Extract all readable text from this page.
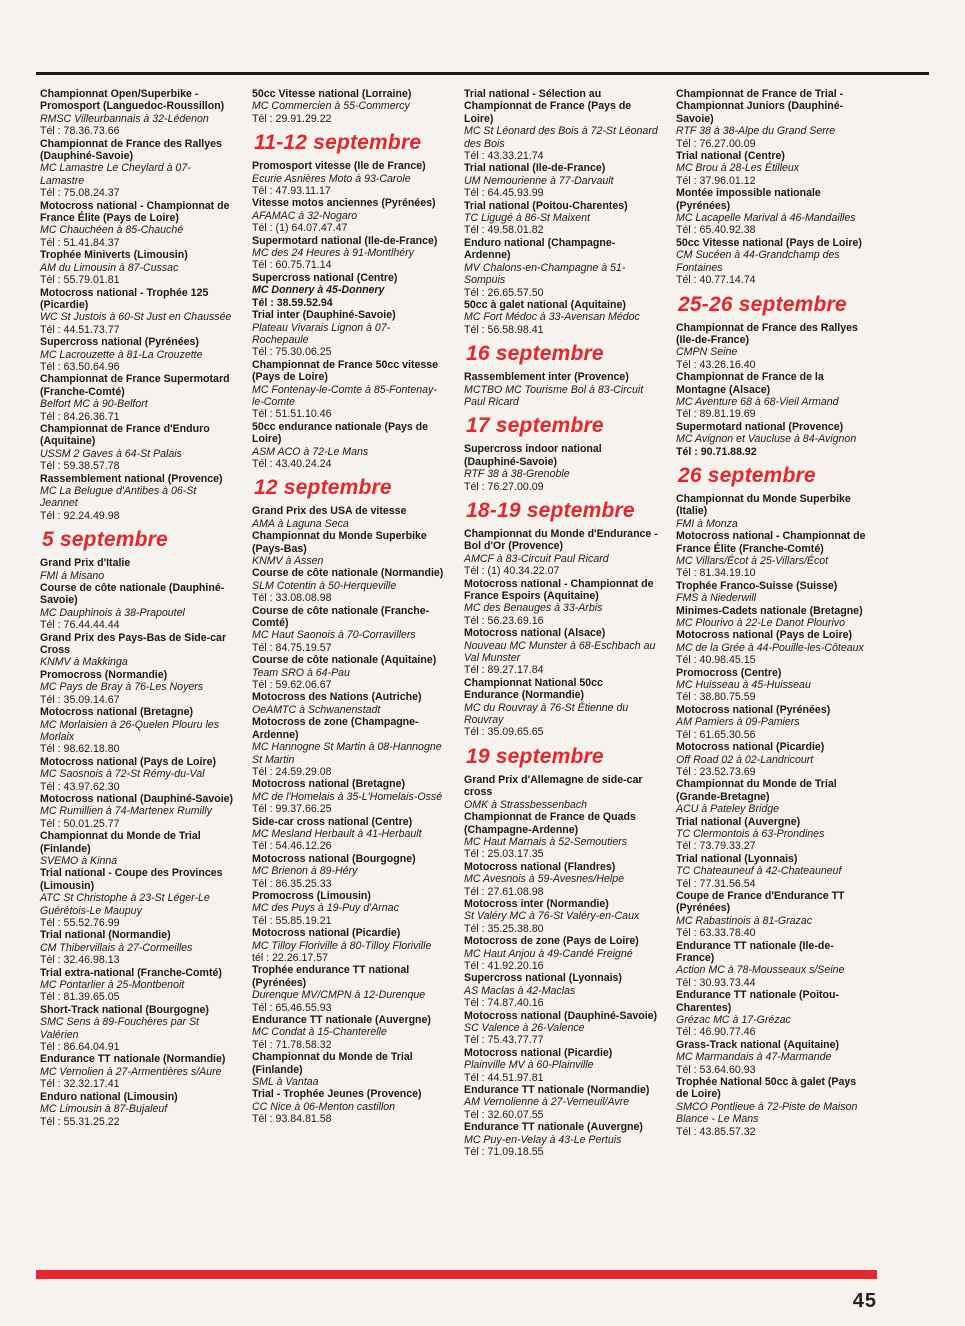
Championnat Open/Superbike - Promosport (Languedoc-Roussillon)
RMSC Villeurbannais à 32-Lédenon
Tél : 78.36.73.66
Championnat de France des Rallyes (Dauphiné-Savoie)
MC Lamastre Le Cheylard à 07-Lamastre
Tél : 75.08.24.37
Motocross national - Championnat de France Élite (Pays de Loire)
MC Chauchéen à 85-Chauché
Tél : 51.41.84.37
Trophée Miniverts (Limousin)
AM du Limousin à 87-Cussac
Tél : 55.79.01.81
Motocross national - Trophée 125 (Picardie)
WC St Justois à 60-St Just en Chaussée
Tél : 44.51.73.77
Supercross national (Pyrénées)
MC Lacrouzette à 81-La Crouzette
Tél : 63.50.64.96
Championnat de France Supermotard (Franche-Comté)
Belfort MC à 90-Belfort
Tél : 84.26.36.71
Championnat de France d'Enduro (Aquitaine)
USSM 2 Gaves à 64-St Palais
Tél : 59.38.57.78
Rassemblement national (Provence)
MC La Belugue d'Antibes à 06-St Jeannet
Tél : 92.24.49.98
5 septembre
Grand Prix d'Italie
FMI à Misano
Course de côte nationale (Dauphiné-Savoie)
MC Dauphinois à 38-Prapoutel
Tél : 76.44.44.44
Grand Prix des Pays-Bas de Side-car Cross
KNMV à Makkinga
Promocross (Normandie)
MC Pays de Bray à 76-Les Noyers
Tél : 35.09.14.67
Motocross national (Bretagne)
MC Morlaisien à 26-Quelen Plouru les Morlaix
Tél : 98.62.18.80
Motocross national (Pays de Loire)
MC Saosnois à 72-St Rémy-du-Val
Tél : 43.97.62.30
Motocross national (Dauphiné-Savoie)
MC Rumillien à 74-Martenex Rumilly
Tél : 50.01.25.77
Championnat du Monde de Trial (Finlande)
SVEMO à Kinna
Trial national - Coupe des Provinces (Limousin)
ATC St Christophe à 23-St Léger-Le Guérétois-Le Maupuy
Tél : 55.52.76.99
Trial national (Normandie)
CM Thibervillais à 27-Cormeilles
Tél : 32.46.98.13
Trial extra-national (Franche-Comté)
MC Pontarlier à 25-Montbenoit
Tél : 81.39.65.05
Short-Track national (Bourgogne)
SMC Sens à 89-Fouchères par St Valérien
Tél : 86.64.04.91
Endurance TT nationale (Normandie)
MC Vernolien à 27-Armentières s/Aure
Tél : 32.32.17.41
Enduro national (Limousin)
MC Limousin à 87-Bujaleuf
Tél : 55.31.25.22
50cc Vitesse national (Lorraine)
MC Commercien à 55-Commercy
Tél : 29.91.29.22
11-12 septembre
Promosport vitesse (Ile de France)
Ecurie Asnières Moto à 93-Carole
Tél : 47.93.11.17
Vitesse motos anciennes (Pyrénées)
AFAMAC à 32-Nogaro
Tél : (1) 64.07.47.47
Supermotard national (Ile-de-France)
MC des 24 Heures à 91-Montlhéry
Tél : 60.75.71.14
Supercross national (Centre)
MC Donnery à 45-Donnery
Tél : 38.59.52.94
Trial inter (Dauphiné-Savoie)
Plateau Vivarais Lignon à 07-Rochepaule
Tél : 75.30.06.25
Championnat de France 50cc vitesse (Pays de Loire)
MC Fontenay-le-Comte à 85-Fontenay-le-Comte
Tél : 51.51.10.46
50cc endurance nationale (Pays de Loire)
ASM ACO à 72-Le Mans
Tél : 43.40.24.24
12 septembre
Grand Prix des USA de vitesse
AMA à Laguna Seca
Championnat du Monde Superbike (Pays-Bas)
KNMV à Assen
Course de côte nationale (Normandie)
SLM Cotentin à 50-Herqueville
Tél : 33.08.08.98
Course de côte nationale (Franche-Comté)
MC Haut Saonois à 70-Corravillers
Tél : 84.75.19.57
Course de côte nationale (Aquitaine)
Team SRO à 64-Pau
Tél : 59.62.06.67
Motocross des Nations (Autriche)
OeAMTC à Schwanenstadt
Motocross de zone (Champagne-Ardenne)
MC Hannogne St Martin à 08-Hannogne St Martin
Tél : 24.59.29.08
Motocross national (Bretagne)
MC de l'Homelais à 35-L'Homelais-Ossé
Tél : 99.37.66.25
Side-car cross national (Centre)
MC Mesland Herbault à 41-Herbault
Tél : 54.46.12.26
Motocross national (Bourgogne)
MC Brienon à 89-Héry
Tél : 86.35.25.33
Promocross (Limousin)
MC des Puys à 19-Puy d'Arnac
Tél : 55.85.19.21
Motocross national (Picardie)
MC Tilloy Floriville à 80-Tilloy Floriville
tél : 22.26.17.57
Trophée endurance TT national (Pyrénées)
Durenque MV/CMPN à 12-Durenque
Tél : 65.46.55.93
Endurance TT nationale (Auvergne)
MC Condat à 15-Chanterelle
Tél : 71.78.58.32
Championnat du Monde de Trial (Finlande)
SML à Vantaa
Trial - Trophée Jeunes (Provence)
CC Nice à 06-Menton castillon
Tél : 93.84.81.58
Trial national - Sélection au Championnat de France (Pays de Loire)
MC St Léonard des Bois à 72-St Léonard des Bois
Tél : 43.33.21.74
Trial national (Ile-de-France)
UM Nemourienne à 77-Darvault
Tél : 64.45.93.99
Trial national (Poitou-Charentes)
TC Ligugé à 86-St Maixent
Tél : 49.58.01.82
Enduro national (Champagne-Ardenne)
MV Chalons-en-Champagne à 51-Sompuis
Tél : 26.65.57.50
50cc à galet national (Aquitaine)
MC Fort Médoc à 33-Avensan Médoc
Tél : 56.58.98.41
16 septembre
Rassemblement inter (Provence)
MCTBO MC Tourisme Bol à 83-Circuit Paul Ricard
17 septembre
Supercross indoor national (Dauphiné-Savoie)
RTF 38 à 38-Grenoble
Tél : 76.27.00.09
18-19 septembre
Championnat du Monde d'Endurance - Bol d'Or (Provence)
AMCF à 83-Circuit Paul Ricard
Tél : (1) 40.34.22.07
Motocross national - Championnat de France Espoirs (Aquitaine)
MC des Benauges à 33-Arbis
Tél : 56.23.69.16
Motocross national (Alsace)
Nouveau MC Munster à 68-Eschbach au Val Munster
Tél : 89.27.17.84
Championnat National 50cc Endurance (Normandie)
MC du Rouvray à 76-St Étienne du Rouvray
Tél : 35.09.65.65
19 septembre
Grand Prix d'Allemagne de side-car cross
OMK à Strassbessenbach
Championnat de France de Quads (Champagne-Ardenne)
MC Haut Marnais à 52-Semoutiers
Tél : 25.03.17.35
Motocross national (Flandres)
MC Avesnois à 59-Avesnes/Helpe
Tél : 27.61.08.98
Motocross inter (Normandie)
St Valéry MC à 76-St Valéry-en-Caux
Tél : 35.25.38.80
Motocross de zone (Pays de Loire)
MC Haut Anjou à 49-Candé Freigné
Tél : 41.92.20.16
Supercross national (Lyonnais)
AS Maclas à 42-Maclas
Tél : 74.87.40.16
Motocross national (Dauphiné-Savoie)
SC Valence à 26-Valence
Tél : 75.43.77.77
Motocross national (Picardie)
Plainville MV à 60-Plainville
Tél : 44.51.97.81
Endurance TT nationale (Normandie)
AM Vernolienne à 27-Verneuil/Avre
Tél : 32.60.07.55
Endurance TT nationale (Auvergne)
MC Puy-en-Velay à 43-Le Pertuis
Tél : 71.09.18.55
Championnat de France de Trial - Championnat Juniors (Dauphiné-Savoie)
RTF 38 à 38-Alpe du Grand Serre
Tél : 76.27.00.09
Trial national (Centre)
MC Brou à 28-Les Étilleux
Tél : 37.96.01.12
Montée impossible nationale (Pyrénées)
MC Lacapelle Marival à 46-Mandailles
Tél : 65.40.92.38
50cc Vitesse national (Pays de Loire)
CM Sucéen à 44-Grandchamp des Fontaines
Tél : 40.77.14.74
25-26 septembre
Championnat de France des Rallyes (Ile-de-France)
CMPN Seine
Tél : 43.26.16.40
Championnat de France de la Montagne (Alsace)
MC Aventure 68 à 68-Vieil Armand
Tél : 89.81.19.69
Supermotard national (Provence)
MC Avignon et Vaucluse à 84-Avignon
Tél : 90.71.88.92
26 septembre
Championnat du Monde Superbike (Italie)
FMI à Monza
Motocross national - Championnat de France Élite (Franche-Comté)
MC Villars/Écot à 25-Villars/Écot
Tél : 81.34.19.10
Trophée Franco-Suisse (Suisse)
FMS à Niederwill
Minimes-Cadets nationale (Bretagne)
MC Plourivo à 22-Le Danot Plourivo
Motocross national (Pays de Loire)
MC de la Grée à 44-Pouille-les-Côteaux
Tél : 40.98.45.15
Promocross (Centre)
MC Huisseau à 45-Huisseau
Tél : 38.80.75.59
Motocross national (Pyrénées)
AM Pamiers à 09-Pamiers
Tél : 61.65.30.56
Motocross national (Picardie)
Off Road 02 à 02-Landricourt
Tél : 23.52.73.69
Championnat du Monde de Trial (Grande-Bretagne)
ACU à Pateley Bridge
Trial national (Auvergne)
TC Clermontois à 63-Prondines
Tél : 73.79.33.27
Trial national (Lyonnais)
TC Chateauneuf à 42-Chateauneuf
Tél : 77.31.56.54
Coupe de France d'Endurance TT (Pyrénées)
MC Rabastinois à 81-Grazac
Tél : 63.33.78.40
Endurance TT nationale (Ile-de-France)
Action MC à 78-Mousseaux s/Seine
Tél : 30.93.73.44
Endurance TT nationale (Poitou-Charentes)
Grézac MC à 17-Grézac
Tél : 46.90.77.46
Grass-Track national (Aquitaine)
MC Marmandais à 47-Marmande
Tél : 53.64.60.93
Trophée National 50cc à galet (Pays de Loire)
SMCO Pontlieue à 72-Piste de Maison Blance - Le Mans
Tél : 43.85.57.32
45
